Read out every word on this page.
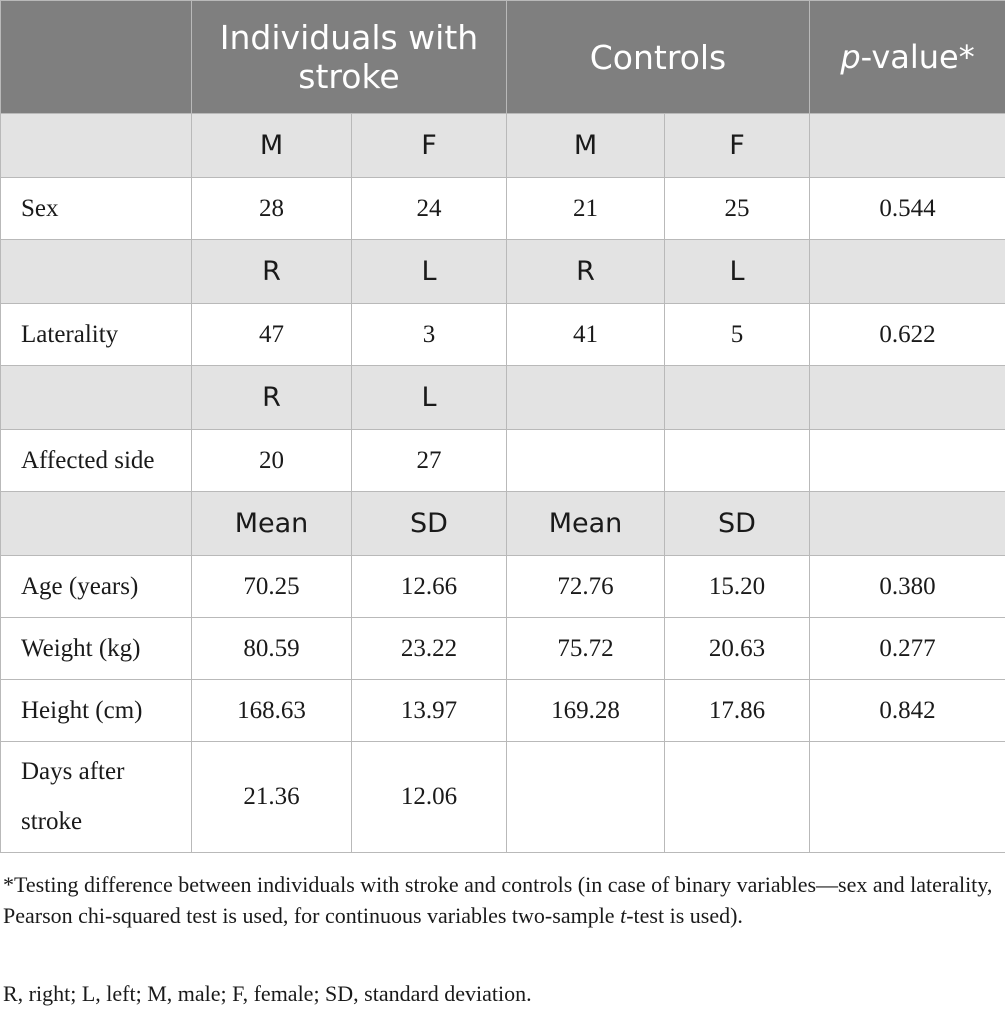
	Individuals with stroke		Controls		p-value*
	M	F	M	F	
Sex	28	24	21	25	0.544
	R	L	R	L	
Laterality	47	3	41	5	0.622
	R	L			
Affected side	20	27			
	Mean	SD	Mean	SD	
Age (years)	70.25	12.66	72.76	15.20	0.380
Weight (kg)	80.59	23.22	75.72	20.63	0.277
Height (cm)	168.63	13.97	169.28	17.86	0.842
Days after stroke	21.36	12.06			
*Testing difference between individuals with stroke and controls (in case of binary variables—sex and laterality, Pearson chi-squared test is used, for continuous variables two-sample t-test is used).
R, right; L, left; M, male; F, female; SD, standard deviation.
